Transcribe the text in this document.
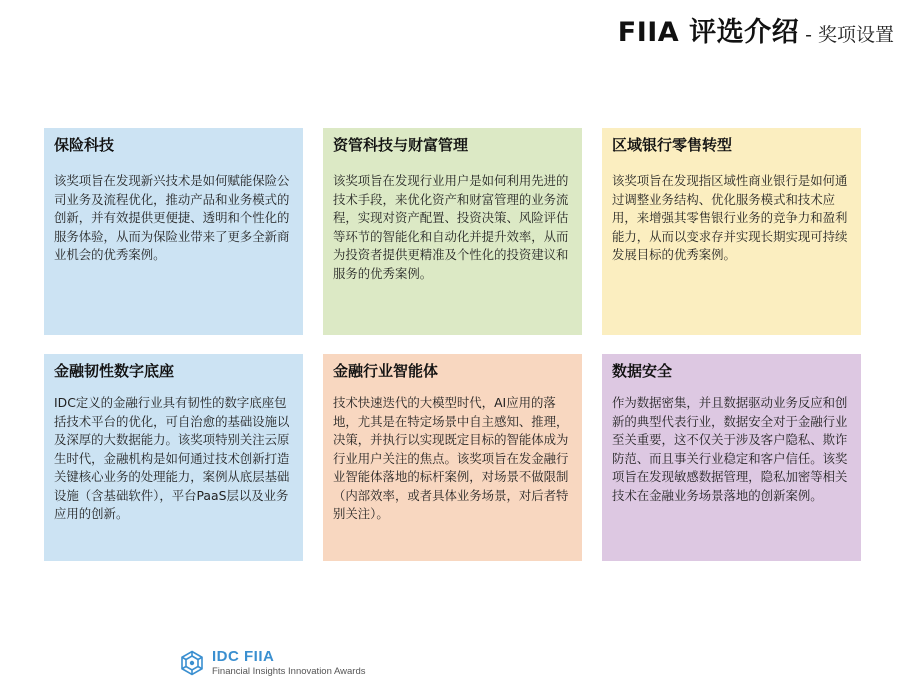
FIIA 评选介绍 - 奖项设置
保险科技
该奖项旨在发现新兴技术是如何赋能保险公司业务及流程优化，推动产品和业务模式的创新，并有效提供更便捷、透明和个性化的服务体验，从而为保险业带来了更多全新商业机会的优秀案例。
资管科技与财富管理
该奖项旨在发现行业用户是如何利用先进的技术手段，来优化资产和财富管理的业务流程，实现对资产配置、投资决策、风险评估等环节的智能化和自动化并提升效率，从而为投资者提供更精准及个性化的投资建议和服务的优秀案例。
区域银行零售转型
该奖项旨在发现指区域性商业银行是如何通过调整业务结构、优化服务模式和技术应用，来增强其零售银行业务的竞争力和盈利能力，从而以变求存并实现长期实现可持续发展目标的优秀案例。
金融韧性数字底座
IDC定义的金融行业具有韧性的数字底座包括技术平台的优化，可自治愈的基础设施以及深厚的大数据能力。该奖项特别关注云原生时代，金融机构是如何通过技术创新打造关键核心业务的处理能力，案例从底层基础设施（含基础软件），平台PaaS层以及业务应用的创新。
金融行业智能体
技术快速迭代的大模型时代，AI应用的落地，尤其是在特定场景中自主感知、推理，决策，并执行以实现既定目标的智能体成为行业用户关注的焦点。该奖项旨在发金融行业智能体落地的标杆案例，对场景不做限制（内部效率，或者具体业务场景，对后者特别关注）。
数据安全
作为数据密集，并且数据驱动业务反应和创新的典型代表行业，数据安全对于金融行业至关重要，这不仅关于涉及客户隐私、欺诈防范、而且事关行业稳定和客户信任。该奖项旨在发现敏感数据管理，隐私加密等相关技术在金融业务场景落地的创新案例。
IDC FIIA
Financial Insights Innovation Awards
